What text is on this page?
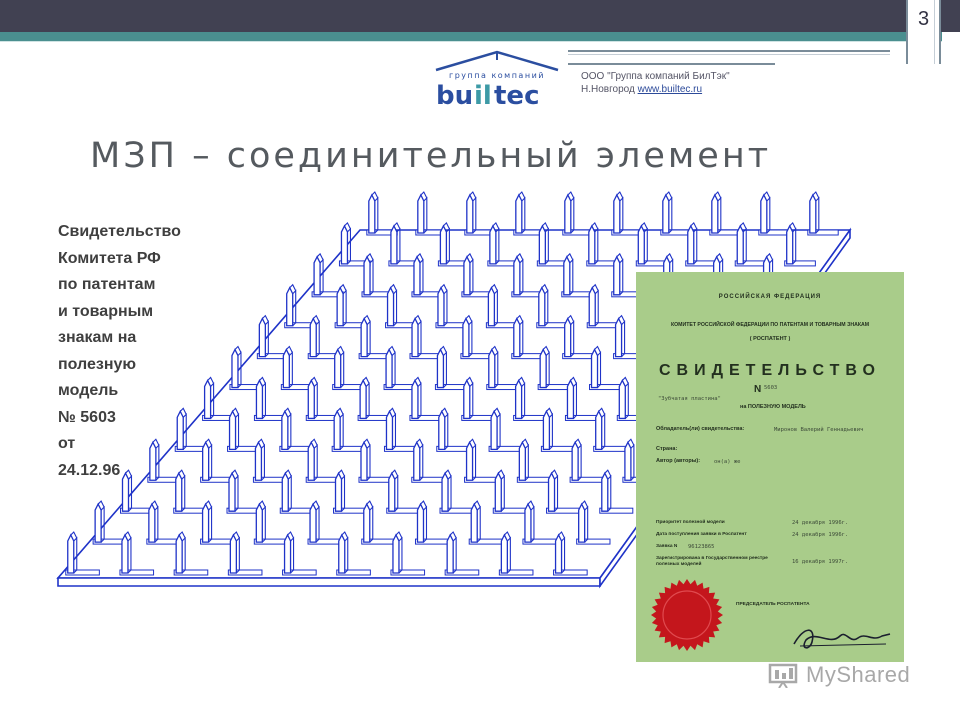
3
группа компаний
bu il tec
ООО "Группа компаний БилТэк"
Н.Новгород www.builtec.ru
МЗП – соединительный элемент
Свидетельство
Комитета РФ
по патентам
и товарным
знакам на
полезную
модель
№ 5603
от
24.12.96
РОССИЙСКАЯ ФЕДЕРАЦИЯ
КОМИТЕТ РОССИЙСКОЙ ФЕДЕРАЦИИ ПО ПАТЕНТАМ И ТОВАРНЫМ ЗНАКАМ
( РОСПАТЕНТ )
СВИДЕТЕЛЬСТВО
N 5603
"Зубчатая пластина"
на ПОЛЕЗНУЮ МОДЕЛЬ
Обладатель(ли) свидетельства:	Миронов Валерий Геннадьевич
Страна:
Автор (авторы):	он(а) же
Приоритет полезной модели	24 декабря 1996г.
Дата поступления заявки в Роспатент	24 декабря 1996г.
Заявка N 96123865
Зарегистрирована в Государственном реестре полезных моделей	16 декабря 1997г.
ПРЕДСЕДАТЕЛЬ РОСПАТЕНТА
MyShared
